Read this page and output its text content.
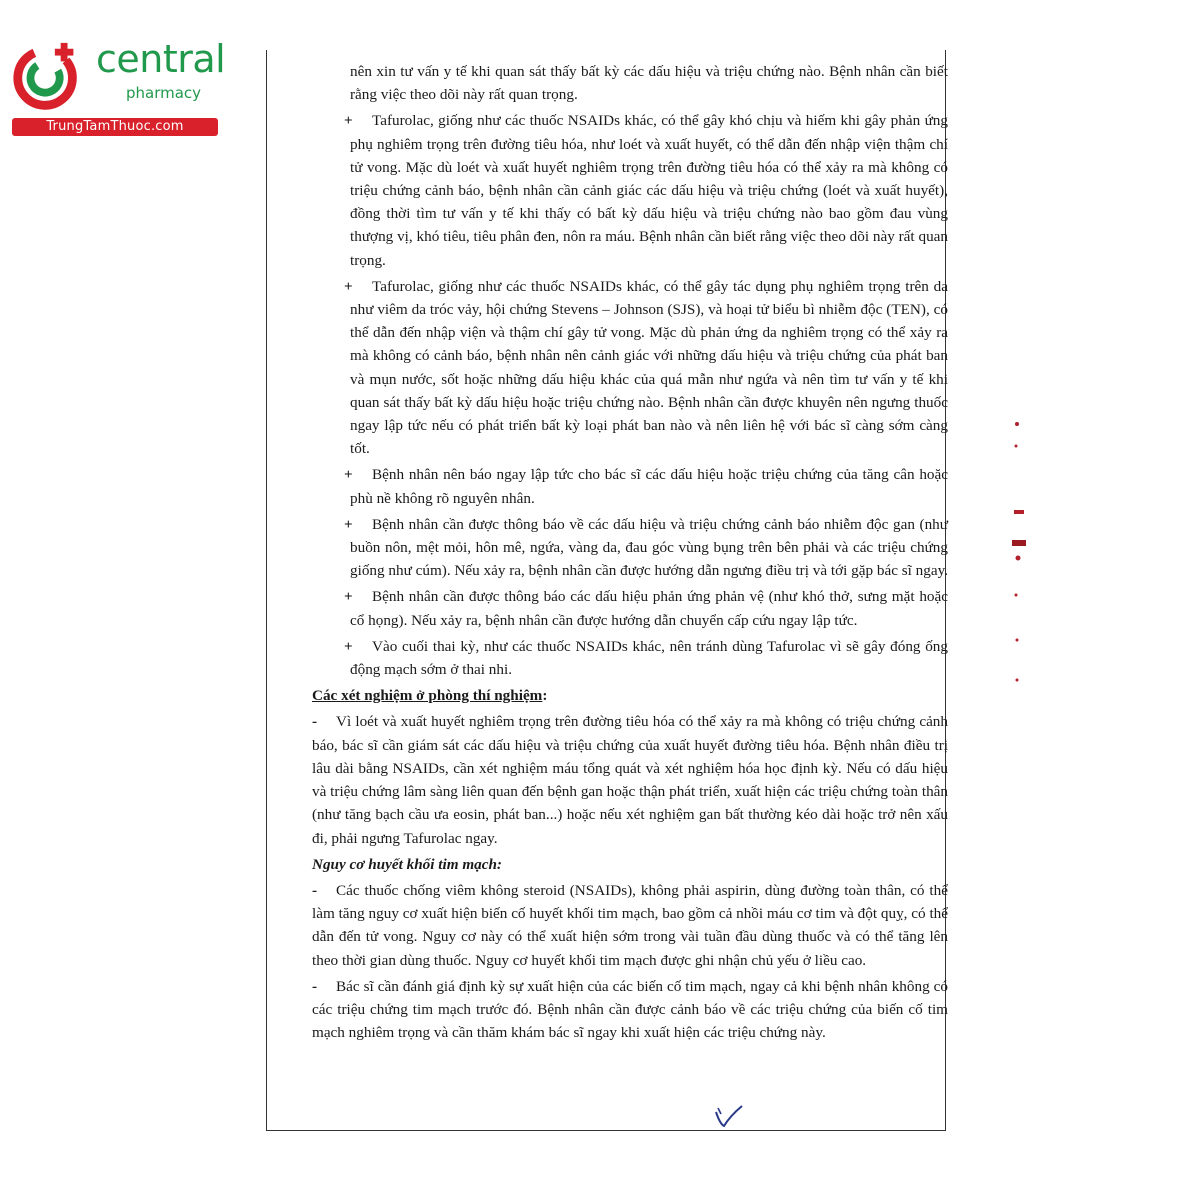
central
pharmacy
TrungTamThuoc.com

nên xin tư vấn y tế khi quan sát thấy bất kỳ các dấu hiệu và triệu chứng nào. Bệnh nhân cần biết rằng việc theo dõi này rất quan trọng.

+ Tafurolac, giống như các thuốc NSAIDs khác, có thể gây khó chịu và hiếm khi gây phản ứng phụ nghiêm trọng trên đường tiêu hóa, như loét và xuất huyết, có thể dẫn đến nhập viện thậm chí tử vong. Mặc dù loét và xuất huyết nghiêm trọng trên đường tiêu hóa có thể xảy ra mà không có triệu chứng cảnh báo, bệnh nhân cần cảnh giác các dấu hiệu và triệu chứng (loét và xuất huyết), đồng thời tìm tư vấn y tế khi thấy có bất kỳ dấu hiệu và triệu chứng nào bao gồm đau vùng thượng vị, khó tiêu, tiêu phân đen, nôn ra máu. Bệnh nhân cần biết rằng việc theo dõi này rất quan trọng.

+ Tafurolac, giống như các thuốc NSAIDs khác, có thể gây tác dụng phụ nghiêm trọng trên da như viêm da tróc vảy, hội chứng Stevens – Johnson (SJS), và hoại tử biểu bì nhiễm độc (TEN), có thể dẫn đến nhập viện và thậm chí gây tử vong. Mặc dù phản ứng da nghiêm trọng có thể xảy ra mà không có cảnh báo, bệnh nhân nên cảnh giác với những dấu hiệu và triệu chứng của phát ban và mụn nước, sốt hoặc những dấu hiệu khác của quá mẫn như ngứa và nên tìm tư vấn y tế khi quan sát thấy bất kỳ dấu hiệu hoặc triệu chứng nào. Bệnh nhân cần được khuyên nên ngưng thuốc ngay lập tức nếu có phát triển bất kỳ loại phát ban nào và nên liên hệ với bác sĩ càng sớm càng tốt.

+ Bệnh nhân nên báo ngay lập tức cho bác sĩ các dấu hiệu hoặc triệu chứng của tăng cân hoặc phù nề không rõ nguyên nhân.

+ Bệnh nhân cần được thông báo về các dấu hiệu và triệu chứng cảnh báo nhiễm độc gan (như buồn nôn, mệt mỏi, hôn mê, ngứa, vàng da, đau góc vùng bụng trên bên phải và các triệu chứng giống như cúm). Nếu xảy ra, bệnh nhân cần được hướng dẫn ngưng điều trị và tới gặp bác sĩ ngay.

+ Bệnh nhân cần được thông báo các dấu hiệu phản ứng phản vệ (như khó thở, sưng mặt hoặc cổ họng). Nếu xảy ra, bệnh nhân cần được hướng dẫn chuyển cấp cứu ngay lập tức.

+ Vào cuối thai kỳ, như các thuốc NSAIDs khác, nên tránh dùng Tafurolac vì sẽ gây đóng ống động mạch sớm ở thai nhi.

Các xét nghiệm ở phòng thí nghiệm:

- Vì loét và xuất huyết nghiêm trọng trên đường tiêu hóa có thể xảy ra mà không có triệu chứng cảnh báo, bác sĩ cần giám sát các dấu hiệu và triệu chứng của xuất huyết đường tiêu hóa. Bệnh nhân điều trị lâu dài bằng NSAIDs, cần xét nghiệm máu tổng quát và xét nghiệm hóa học định kỳ. Nếu có dấu hiệu và triệu chứng lâm sàng liên quan đến bệnh gan hoặc thận phát triển, xuất hiện các triệu chứng toàn thân (như tăng bạch cầu ưa eosin, phát ban...) hoặc nếu xét nghiệm gan bất thường kéo dài hoặc trở nên xấu đi, phải ngưng Tafurolac ngay.

Nguy cơ huyết khối tim mạch:

- Các thuốc chống viêm không steroid (NSAIDs), không phải aspirin, dùng đường toàn thân, có thể làm tăng nguy cơ xuất hiện biến cố huyết khối tim mạch, bao gồm cả nhồi máu cơ tim và đột quỵ, có thể dẫn đến tử vong. Nguy cơ này có thể xuất hiện sớm trong vài tuần đầu dùng thuốc và có thể tăng lên theo thời gian dùng thuốc. Nguy cơ huyết khối tim mạch được ghi nhận chủ yếu ở liều cao.

- Bác sĩ cần đánh giá định kỳ sự xuất hiện của các biến cố tim mạch, ngay cả khi bệnh nhân không có các triệu chứng tim mạch trước đó. Bệnh nhân cần được cảnh báo về các triệu chứng của biến cố tim mạch nghiêm trọng và cần thăm khám bác sĩ ngay khi xuất hiện các triệu chứng này.
